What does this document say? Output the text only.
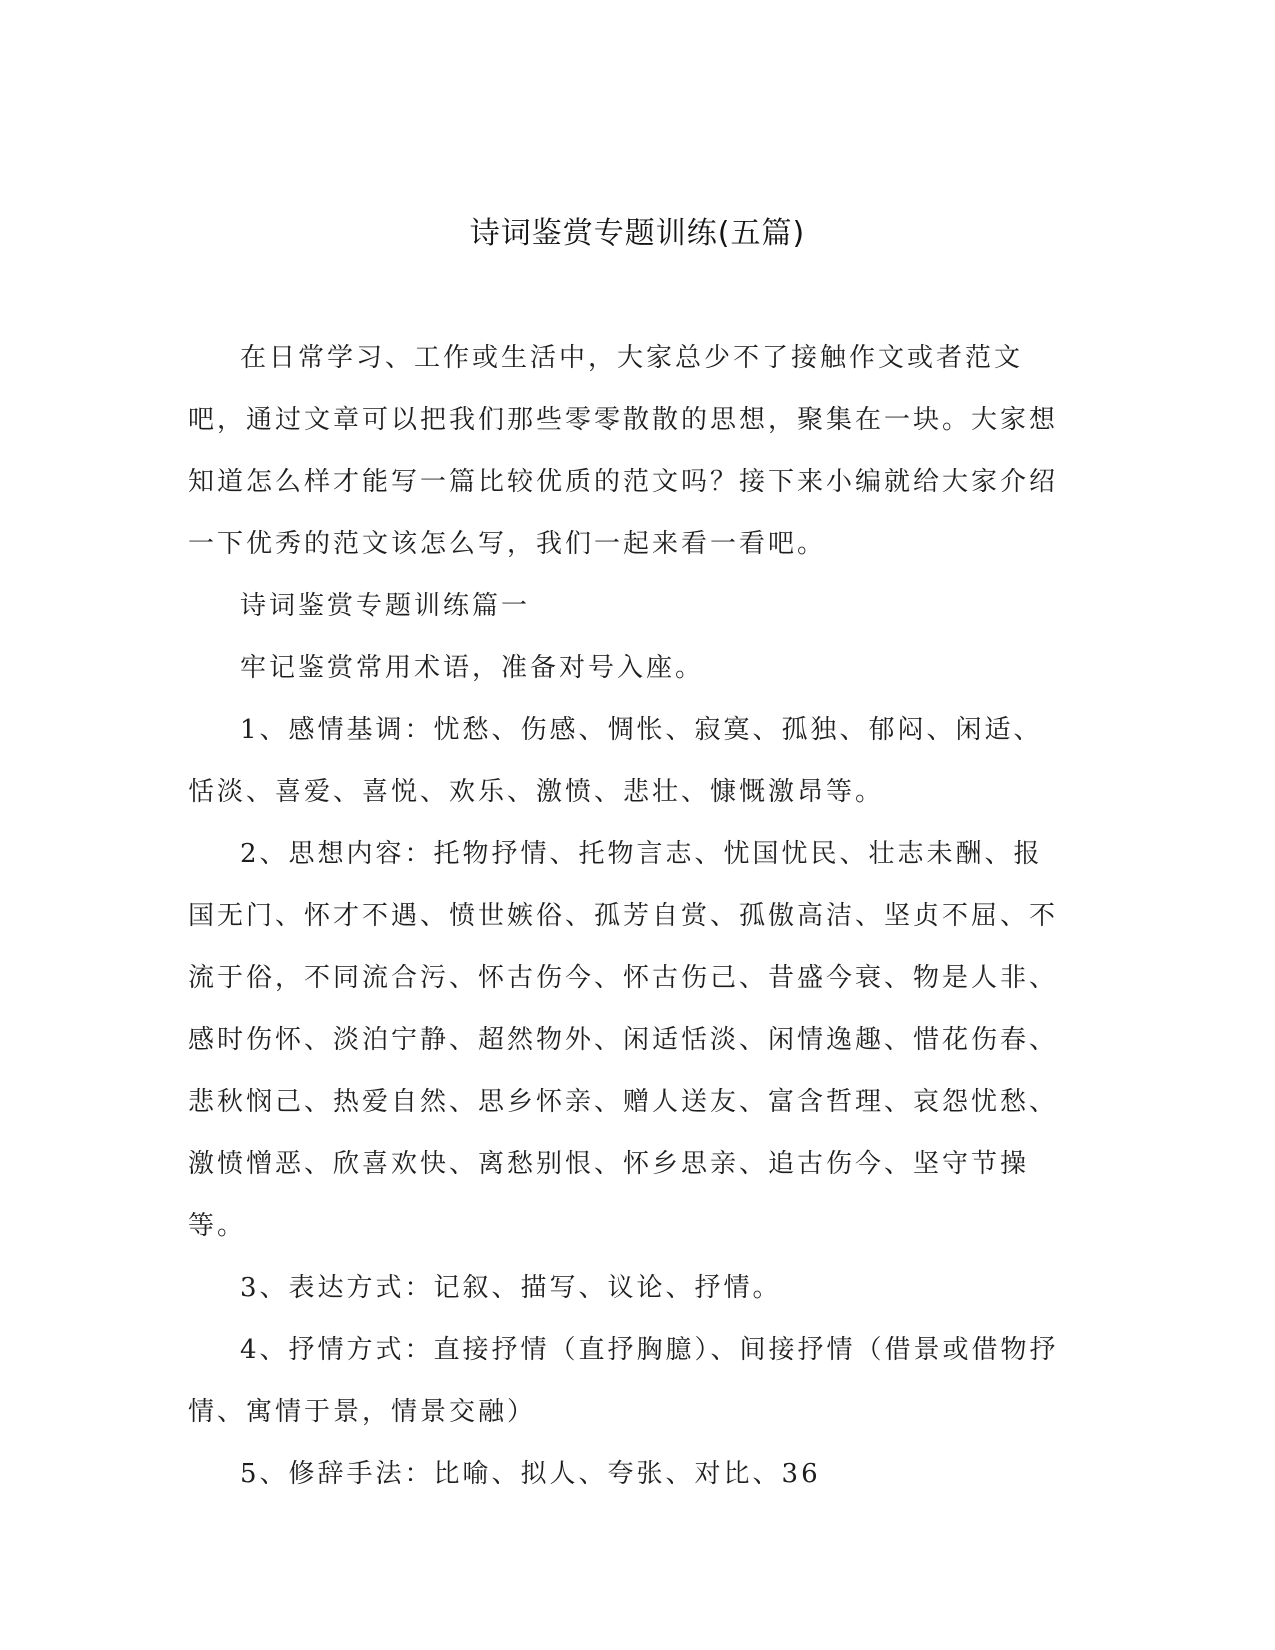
诗词鉴赏专题训练(五篇)

在日常学习、工作或生活中，大家总少不了接触作文或者范文吧，通过文章可以把我们那些零零散散的思想，聚集在一块。大家想知道怎么样才能写一篇比较优质的范文吗？接下来小编就给大家介绍一下优秀的范文该怎么写，我们一起来看一看吧。

诗词鉴赏专题训练篇一

牢记鉴赏常用术语，准备对号入座。

1、感情基调：忧愁、伤感、惆怅、寂寞、孤独、郁闷、闲适、恬淡、喜爱、喜悦、欢乐、激愤、悲壮、慷慨激昂等。

2、思想内容：托物抒情、托物言志、忧国忧民、壮志未酬、报国无门、怀才不遇、愤世嫉俗、孤芳自赏、孤傲高洁、坚贞不屈、不流于俗，不同流合污、怀古伤今、怀古伤己、昔盛今衰、物是人非、感时伤怀、淡泊宁静、超然物外、闲适恬淡、闲情逸趣、惜花伤春、悲秋悯己、热爱自然、思乡怀亲、赠人送友、富含哲理、哀怨忧愁、激愤憎恶、欣喜欢快、离愁别恨、怀乡思亲、追古伤今、坚守节操等。

3、表达方式：记叙、描写、议论、抒情。

4、抒情方式：直接抒情（直抒胸臆）、间接抒情（借景或借物抒情、寓情于景，情景交融）

5、修辞手法：比喻、拟人、夸张、对比、36
